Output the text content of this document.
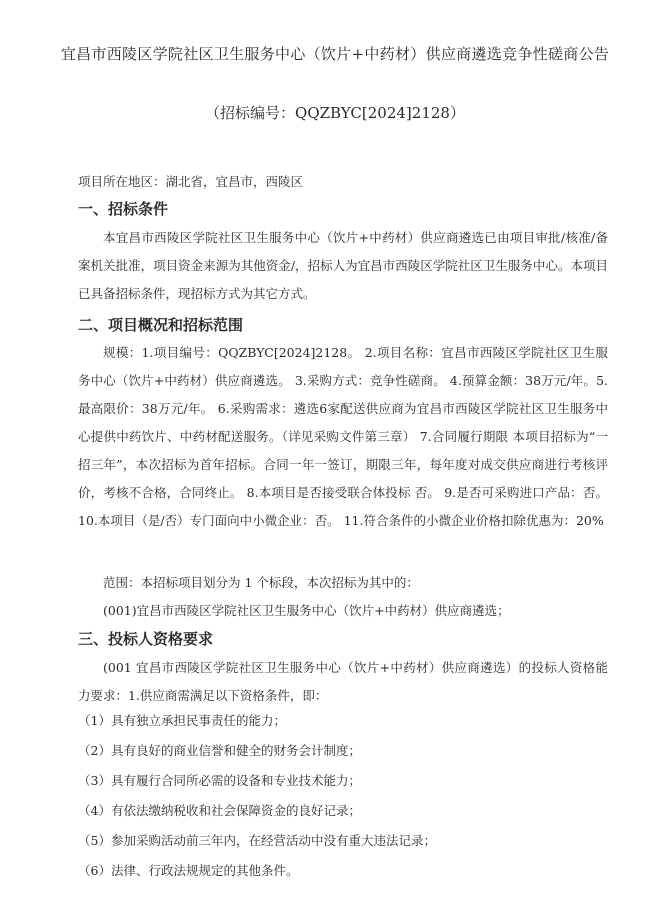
宜昌市西陵区学院社区卫生服务中心（饮片+中药材）供应商遴选竞争性磋商公告
（招标编号：QQZBYC[2024]2128）
项目所在地区：湖北省，宜昌市，西陵区
一、招标条件
本宜昌市西陵区学院社区卫生服务中心（饮片+中药材）供应商遴选已由项目审批/核准/备案机关批准，项目资金来源为其他资金/，招标人为宜昌市西陵区学院社区卫生服务中心。本项目已具备招标条件，现招标方式为其它方式。
二、项目概况和招标范围
规模：1.项目编号：QQZBYC[2024]2128。 2.项目名称：宜昌市西陵区学院社区卫生服务中心（饮片+中药材）供应商遴选。 3.采购方式：竞争性磋商。 4.预算金额：38万元/年。5.最高限价：38万元/年。 6.采购需求：遴选6家配送供应商为宜昌市西陵区学院社区卫生服务中心提供中药饮片、中药材配送服务。（详见采购文件第三章） 7.合同履行期限 本项目招标为“一招三年”，本次招标为首年招标。合同一年一签订，期限三年，每年度对成交供应商进行考核评价，考核不合格，合同终止。 8.本项目是否接受联合体投标 否。 9.是否可采购进口产品：否。 10.本项目（是/否）专门面向中小微企业：否。 11.符合条件的小微企业价格扣除优惠为：20%
范围：本招标项目划分为 1 个标段，本次招标为其中的：
(001)宜昌市西陵区学院社区卫生服务中心（饮片+中药材）供应商遴选；
三、投标人资格要求
(001 宜昌市西陵区学院社区卫生服务中心（饮片+中药材）供应商遴选）的投标人资格能力要求：1.供应商需满足以下资格条件，即：
（1）具有独立承担民事责任的能力；
（2）具有良好的商业信誉和健全的财务会计制度；
（3）具有履行合同所必需的设备和专业技术能力；
（4）有依法缴纳税收和社会保障资金的良好记录；
（5）参加采购活动前三年内，在经营活动中没有重大违法记录；
（6）法律、行政法规规定的其他条件。
